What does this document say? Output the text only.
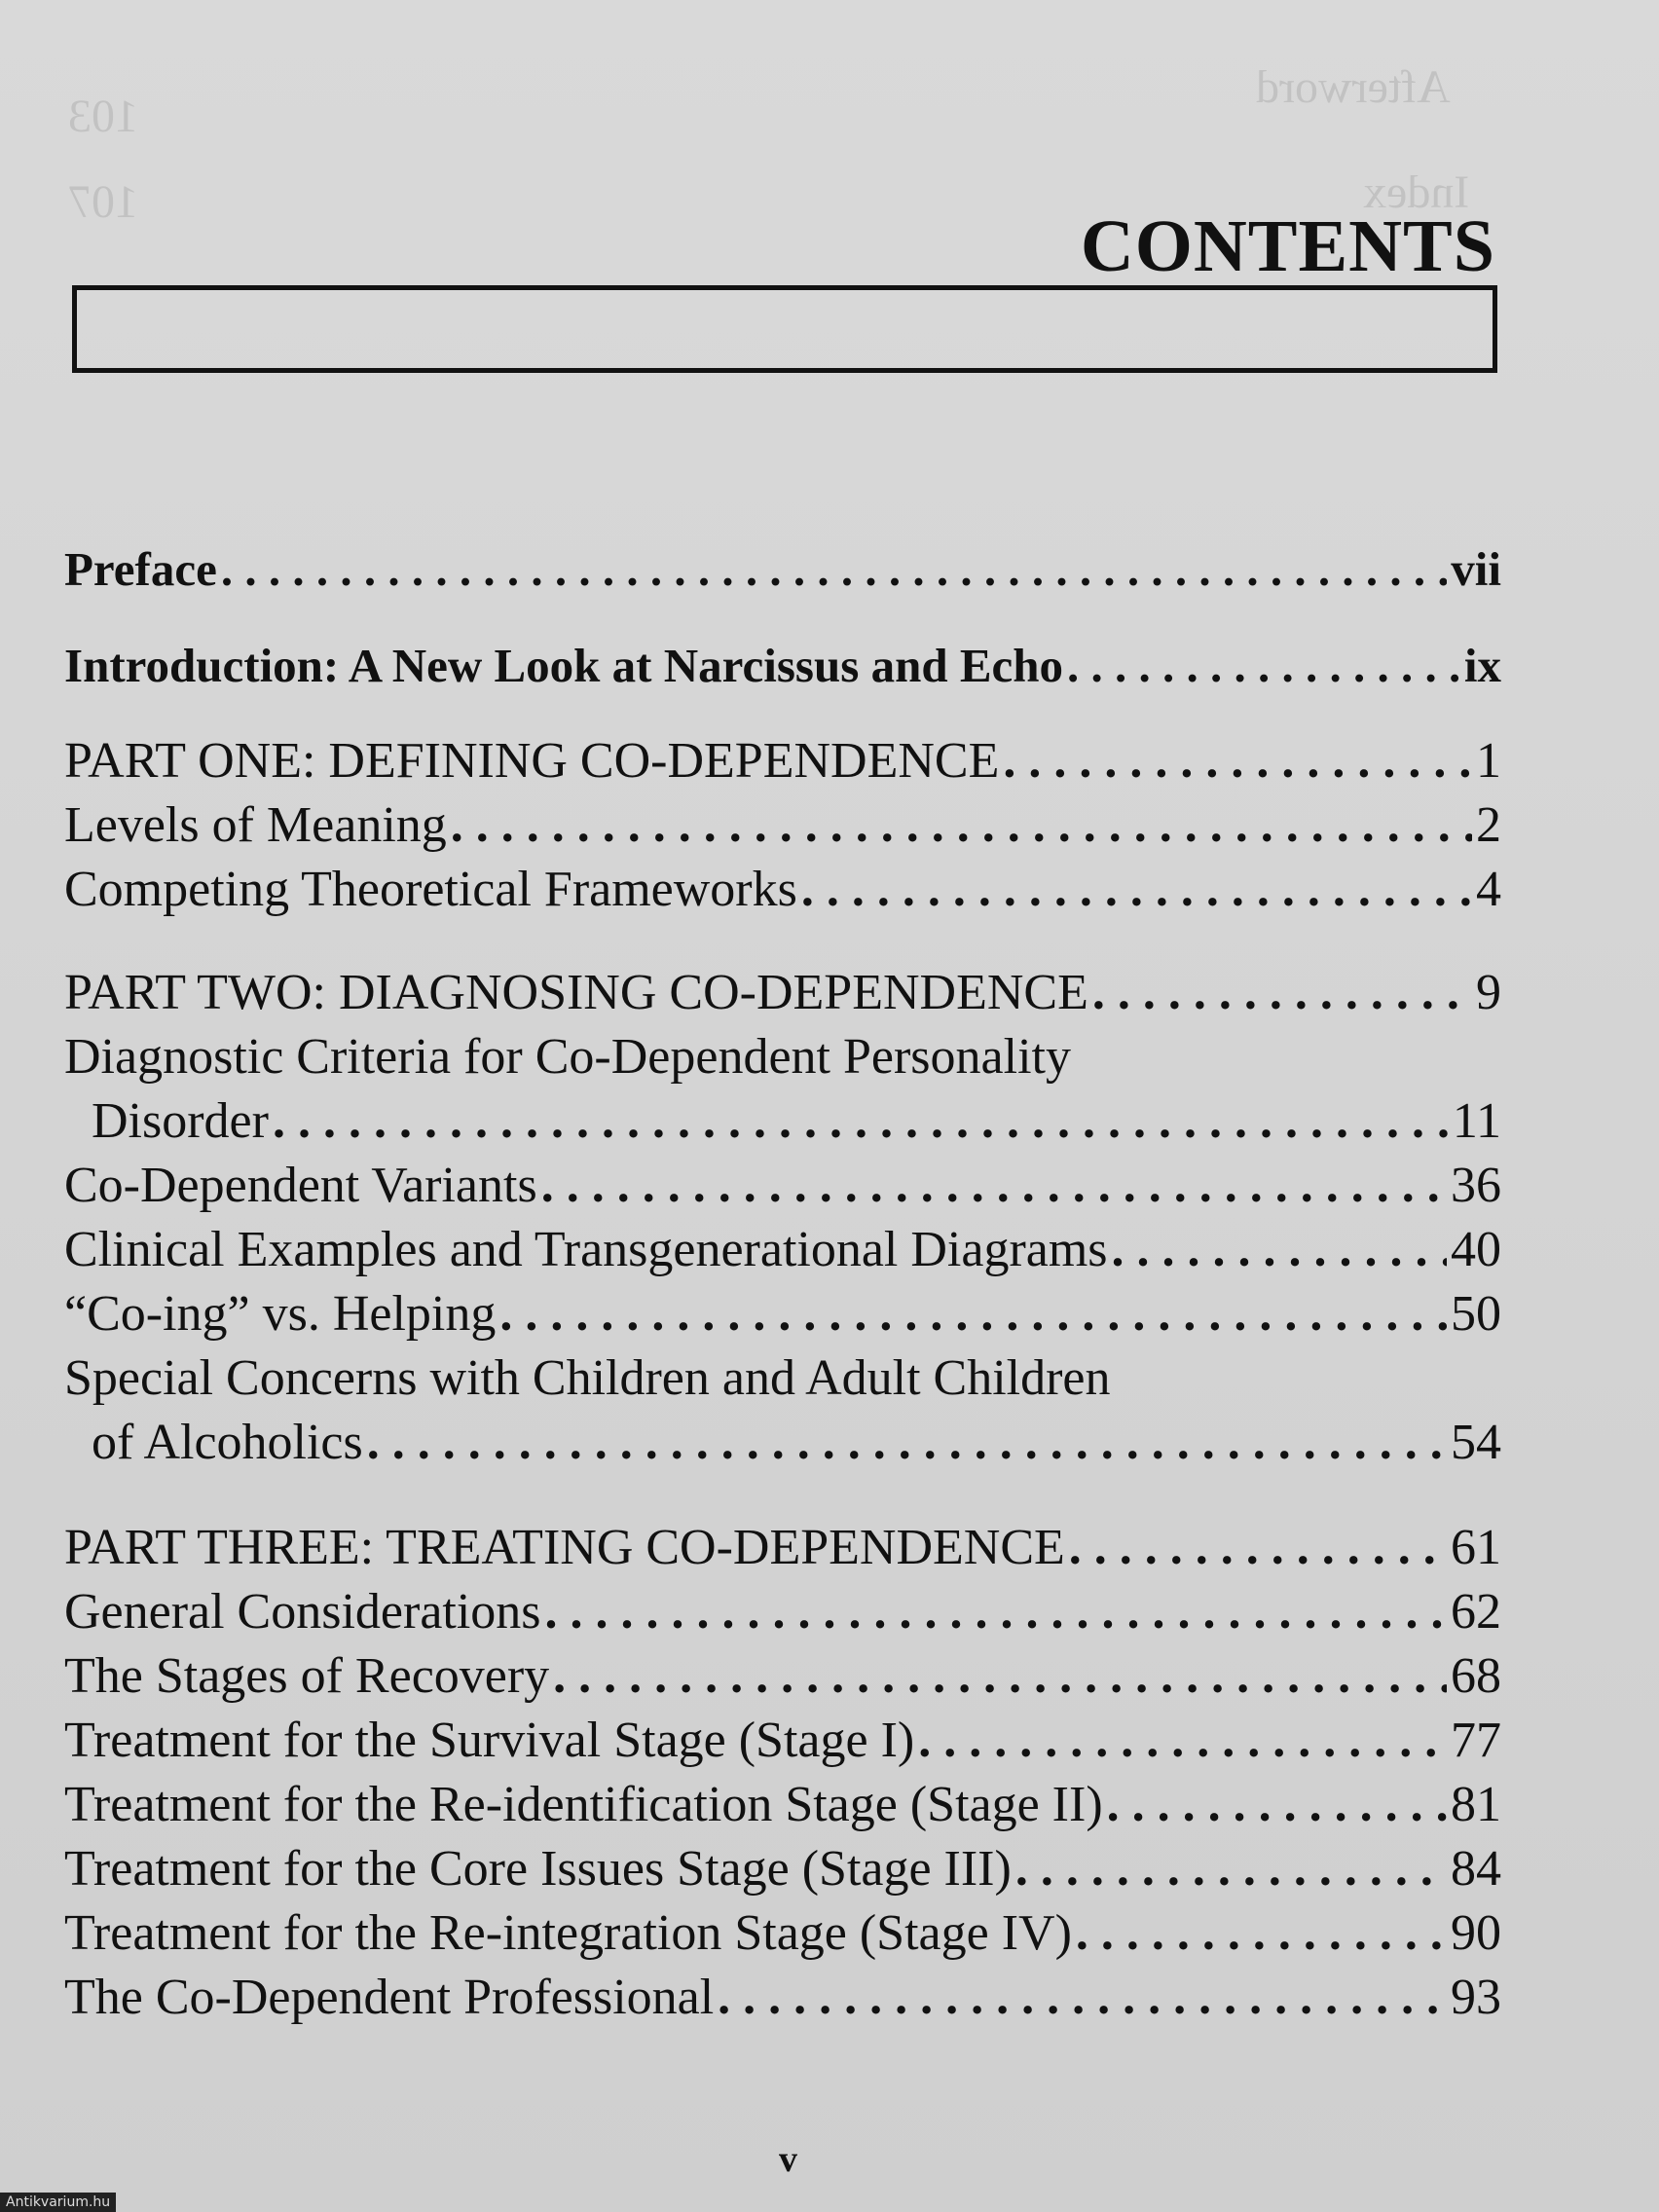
Afterword
103
Index
107
CONTENTS
Preface . . .	vii
Introduction: A New Look at Narcissus and Echo . . .	ix
PART ONE: DEFINING CO-DEPENDENCE . . .	1
Levels of Meaning . . .	2
Competing Theoretical Frameworks . . .	4
PART TWO: DIAGNOSING CO-DEPENDENCE . . .	9
Diagnostic Criteria for Co-Dependent Personality
Disorder . . .	11
Co-Dependent Variants . . .	36
Clinical Examples and Transgenerational Diagrams . . .	40
“Co-ing” vs. Helping . . .	50
Special Concerns with Children and Adult Children
of Alcoholics . . .	54
PART THREE: TREATING CO-DEPENDENCE . . .	61
General Considerations . . .	62
The Stages of Recovery . . .	68
Treatment for the Survival Stage (Stage I) . . .	77
Treatment for the Re-identification Stage (Stage II) . . .	81
Treatment for the Core Issues Stage (Stage III) . . .	84
Treatment for the Re-integration Stage (Stage IV) . . .	90
The Co-Dependent Professional . . .	93
v
Antikvarium.hu
